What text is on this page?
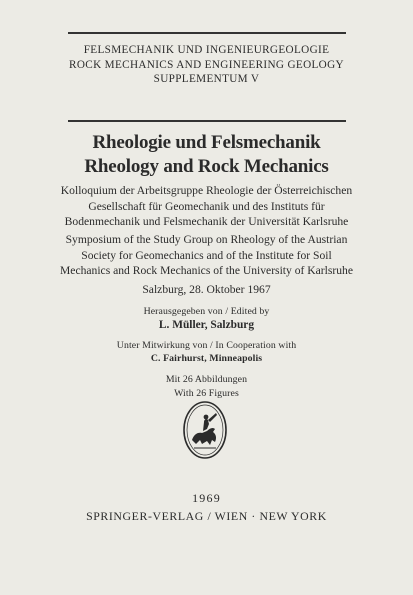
FELSMECHANIK UND INGENIEURGEOLOGIE
ROCK MECHANICS AND ENGINEERING GEOLOGY
SUPPLEMENTUM V
Rheologie und Felsmechanik
Rheology and Rock Mechanics
Kolloquium der Arbeitsgruppe Rheologie der Österreichischen
Gesellschaft für Geomechanik und des Instituts für
Bodenmechanik und Felsmechanik der Universität Karlsruhe
Symposium of the Study Group on Rheology of the Austrian
Society for Geomechanics and of the Institute for Soil
Mechanics and Rock Mechanics of the University of Karlsruhe
Salzburg, 28. Oktober 1967
Herausgegeben von / Edited by
L. Müller, Salzburg
Unter Mitwirkung von / In Cooperation with
C. Fairhurst, Minneapolis
Mit 26 Abbildungen
With 26 Figures
1969
SPRINGER-VERLAG / WIEN · NEW YORK
